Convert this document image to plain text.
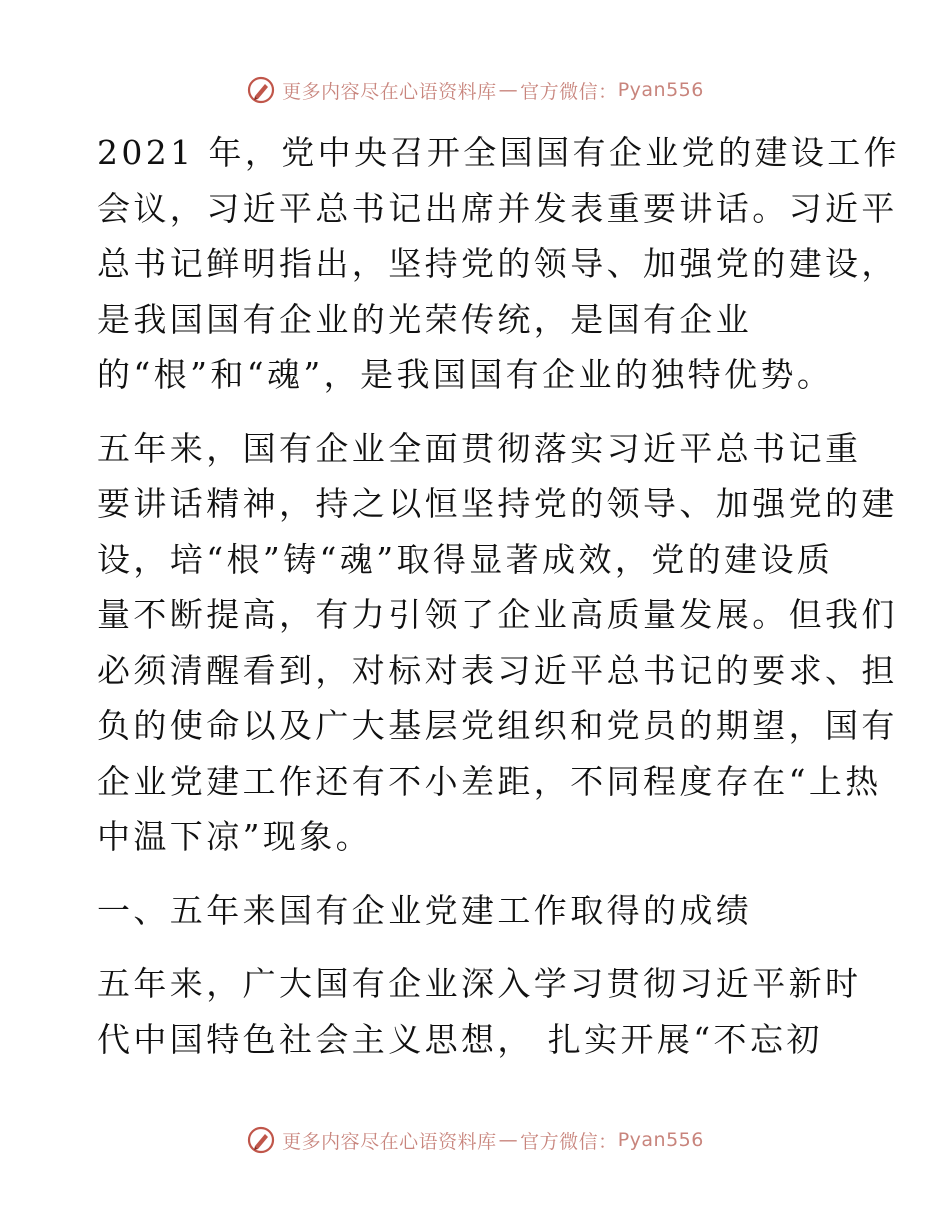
更多内容尽在心语资料库 — 官方微信： Pyan556

2021 年，党中央召开全国国有企业党的建设工作
会议，习近平总书记出席并发表重要讲话。习近平
总书记鲜明指出，坚持党的领导、加强党的建设，
是我国国有企业的光荣传统，是国有企业
的“根”和“魂”，是我国国有企业的独特优势。

五年来，国有企业全面贯彻落实习近平总书记重
要讲话精神，持之以恒坚持党的领导、加强党的建
设，培“根”铸“魂”取得显著成效，党的建设质
量不断提高，有力引领了企业高质量发展。但我们
必须清醒看到，对标对表习近平总书记的要求、担
负的使命以及广大基层党组织和党员的期望，国有
企业党建工作还有不小差距，不同程度存在“上热
中温下凉”现象。

一、五年来国有企业党建工作取得的成绩

五年来，广大国有企业深入学习贯彻习近平新时
代中国特色社会主义思想， 扎实开展“不忘初

更多内容尽在心语资料库 — 官方微信： Pyan556
